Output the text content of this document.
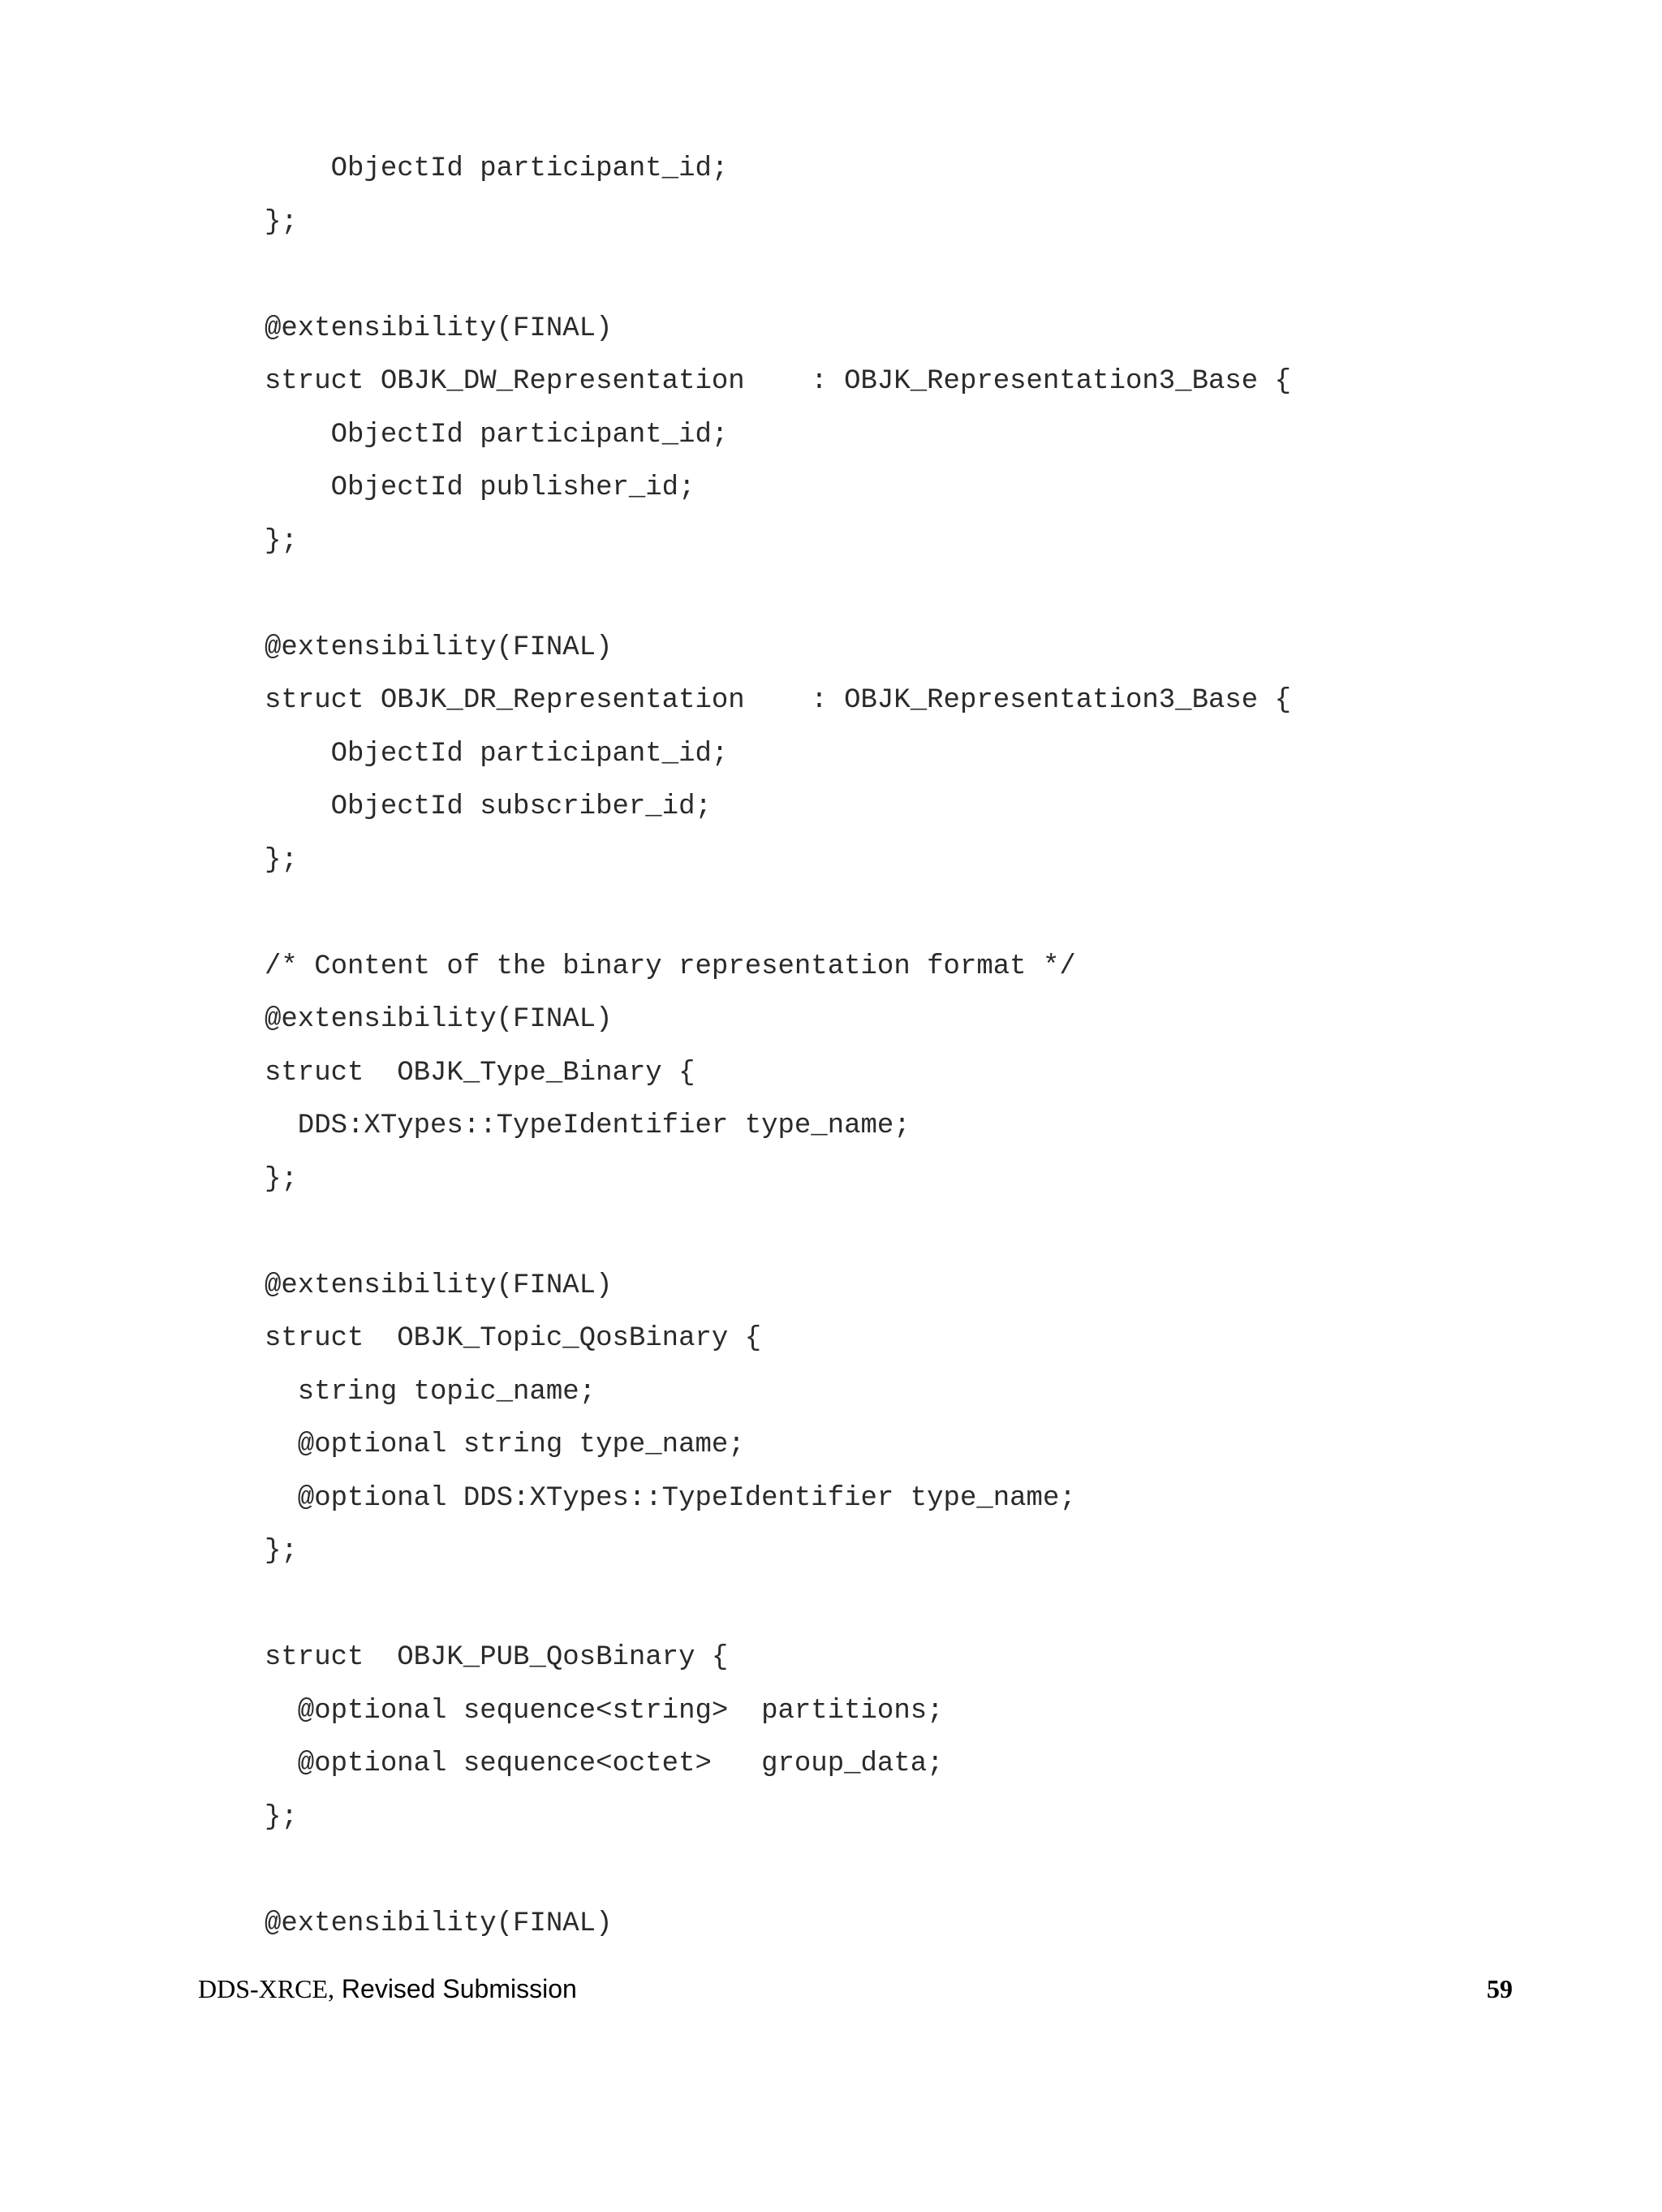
ObjectId participant_id;
};
@extensibility(FINAL)
struct OBJK_DW_Representation    : OBJK_Representation3_Base {
ObjectId participant_id;
ObjectId publisher_id;
};
@extensibility(FINAL)
struct OBJK_DR_Representation    : OBJK_Representation3_Base {
ObjectId participant_id;
ObjectId subscriber_id;
};
/* Content of the binary representation format */
@extensibility(FINAL)
struct  OBJK_Type_Binary {
DDS:XTypes::TypeIdentifier type_name;
};
@extensibility(FINAL)
struct  OBJK_Topic_QosBinary {
string topic_name;
@optional string type_name;
@optional DDS:XTypes::TypeIdentifier type_name;
};
struct  OBJK_PUB_QosBinary {
@optional sequence<string>  partitions;
@optional sequence<octet>   group_data;
};
@extensibility(FINAL)
DDS-XRCE, Revised Submission	59
